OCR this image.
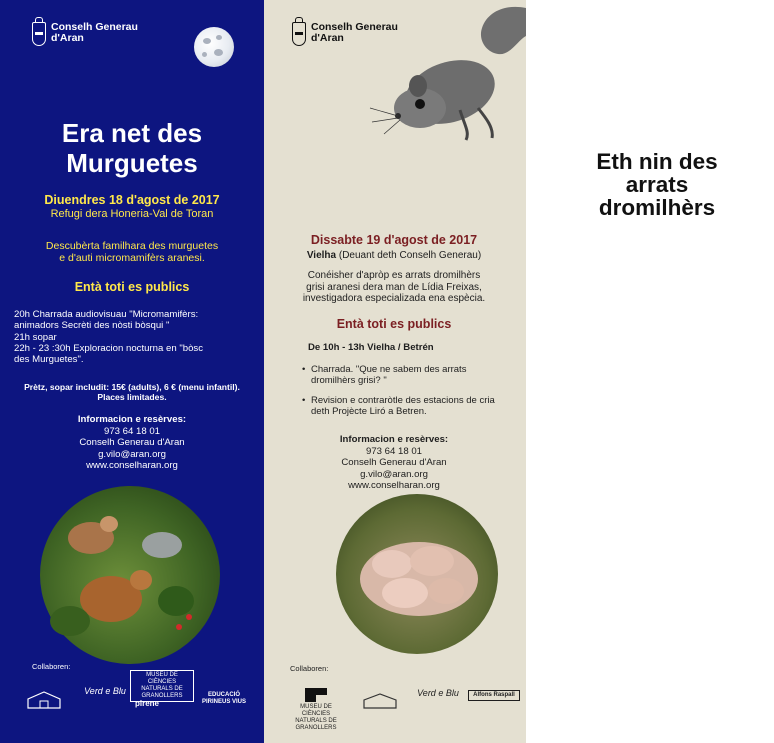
Conselh Generau
d'Aran
Era net des
Murguetes
Diuendres 18 d'agost de 2017
Refugi dera Honeria-Val de Toran
Descubèrta familhara des murguetes
e d'auti micromamifèrs aranesi.
Entà toti es publics
20h Charrada audiovisuau "Micromamifèrs:
animadors Secrèti des nòsti bòsqui "
21h sopar
22h - 23 :30h Exploracion nocturna en "bòsc
des Murguetes".
Prètz, sopar includit: 15€ (adults), 6 € (menu infantil).
Places limitades.
Informacion e resèrves:
973 64 18 01
Conselh Generau d'Aran
g.vilo@aran.org
www.conselharan.org
Collaboren:
Verd e Blu
MUSEU DE CIÈNCIES NATURALS DE GRANOLLERS
pirene
EDUCACIÓ PIRINEUS VIUS
Conselh Generau
d'Aran
Eth nin des
arrats
dromilhèrs
Dissabte 19 d'agost de 2017
Vielha (Deuant deth Conselh Generau)
Conéisher d'apròp es arrats dromilhèrs
grisi aranesi dera man de Lídia Freixas,
investigadora especializada ena espècia.
Entà toti es publics
De 10h - 13h Vielha / Betrén
• Charrada. "Que ne sabem des arrats dromilhèrs grisi? "
• Revision e contraròtle des estacions de cria deth Projècte Liró a Betren.
Informacion e resèrves:
973 64 18 01
Conselh Generau d'Aran
g.vilo@aran.org
www.conselharan.org
Collaboren:
MUSEU DE CIÈNCIES NATURALS DE GRANOLLERS
Verd e Blu	Alfons Raspall
